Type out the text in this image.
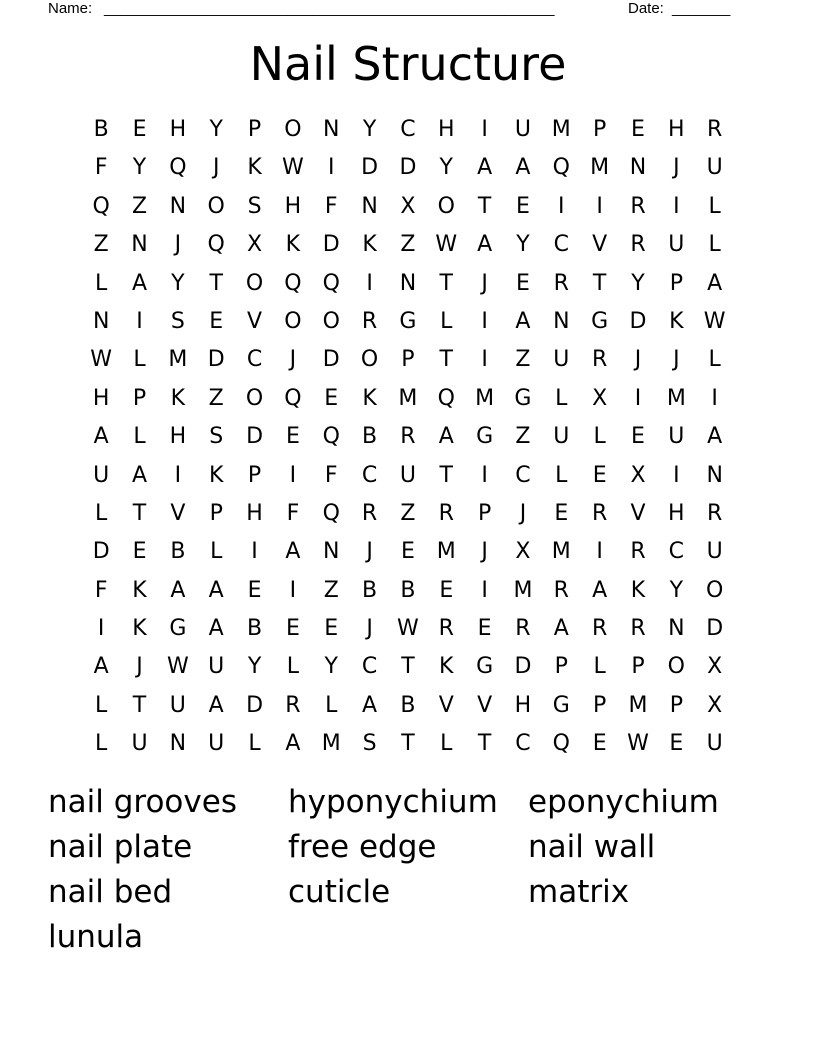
Name: ______________________________________________________	Date: _______
Nail Structure
B	E	H	Y	P	O N	Y	C	H	I	U M	P	E	H	R
F	Y	Q	J	K W	I	D D	Y	A	A	Q M N	J	U
Q	Z	N O	S	H	F	N	X	O	T	E	I	I	R	I	L
Z	N	J	Q	X	K	D	K	Z W A	Y	C	V	R	U	L
L	A	Y	T	O Q Q	I	N	T	J	E	R	T	Y	P	A
N	I	S	E	V	O O	R	G	L	I	A	N G D	K W
W L	M D	C	J	D O	P	T	I	Z	U	R	J	J	L
H	P	K	Z	O Q	E	K M Q M G	L	X	I	M	I
A	L	H	S	D	E	Q	B	R	A	G	Z	U	L	E	U	A
U	A	I	K	P	I	F	C	U	T	I	C	L	E	X	I	N
L	T	V	P	H	F	Q	R	Z	R	P	J	E	R	V	H	R
D	E	B	L	I	A	N	J	E M	J	X M	I	R	C	U
F	K	A	A	E	I	Z	B	B	E	I	M R	A	K	Y	O
I	K	G	A	B	E	E	J	W R	E	R	A	R	R	N D
A	J	W U	Y	L	Y	C	T	K	G D	P	L	P	O	X
L	T	U	A	D	R	L	A	B	V	V	H G	P	M	P	X
L	U	N	U	L	A M S	T	L	T	C Q	E W E	U
nail grooves	hyponychium eponychium
nail plate	free edge	nail wall
nail bed	cuticle	matrix
lunula
